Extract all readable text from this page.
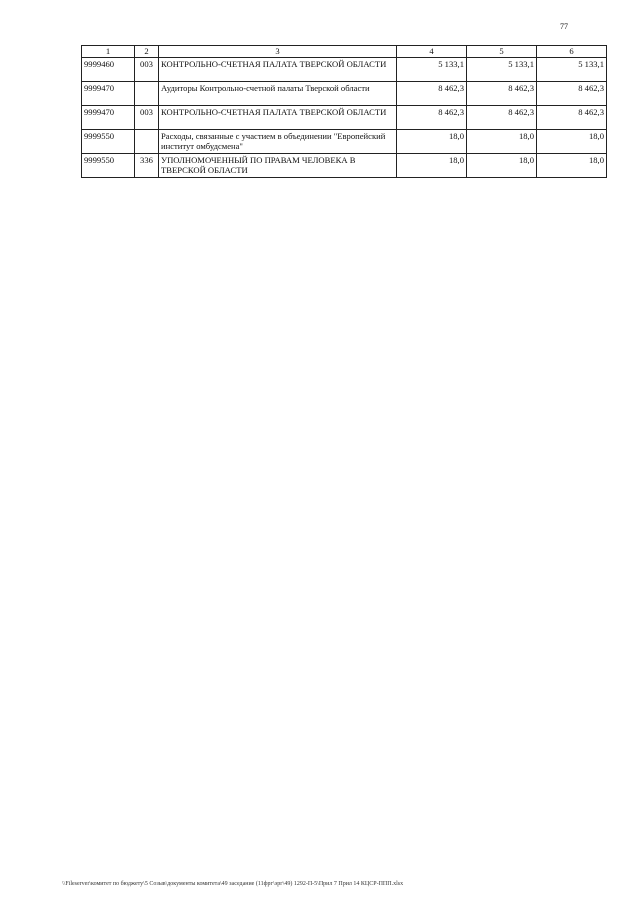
77
1	2	3	4	5	6
9999460	003	КОНТРОЛЬНО-СЧЕТНАЯ ПАЛАТА ТВЕРСКОЙ ОБЛАСТИ	5 133,1	5 133,1	5 133,1
9999470		Аудиторы Контрольно-счетной палаты Тверской области	8 462,3	8 462,3	8 462,3
9999470	003	КОНТРОЛЬНО-СЧЕТНАЯ ПАЛАТА ТВЕРСКОЙ ОБЛАСТИ	8 462,3	8 462,3	8 462,3
9999550		Расходы, связанные с участием в объединении "Европейский институт омбудсмена"	18,0	18,0	18,0
9999550	336	УПОЛНОМОЧЕННЫЙ ПО ПРАВАМ ЧЕЛОВЕКА В ТВЕРСКОЙ ОБЛАСТИ	18,0	18,0	18,0
\\Fileserver\комитет по бюджету\5 Созыв\документы комитета\49 заседание (11фрг\эрг\49) 1292-П-5\Прил 7 Прил 14 КЦСР-ППП.xlsx
